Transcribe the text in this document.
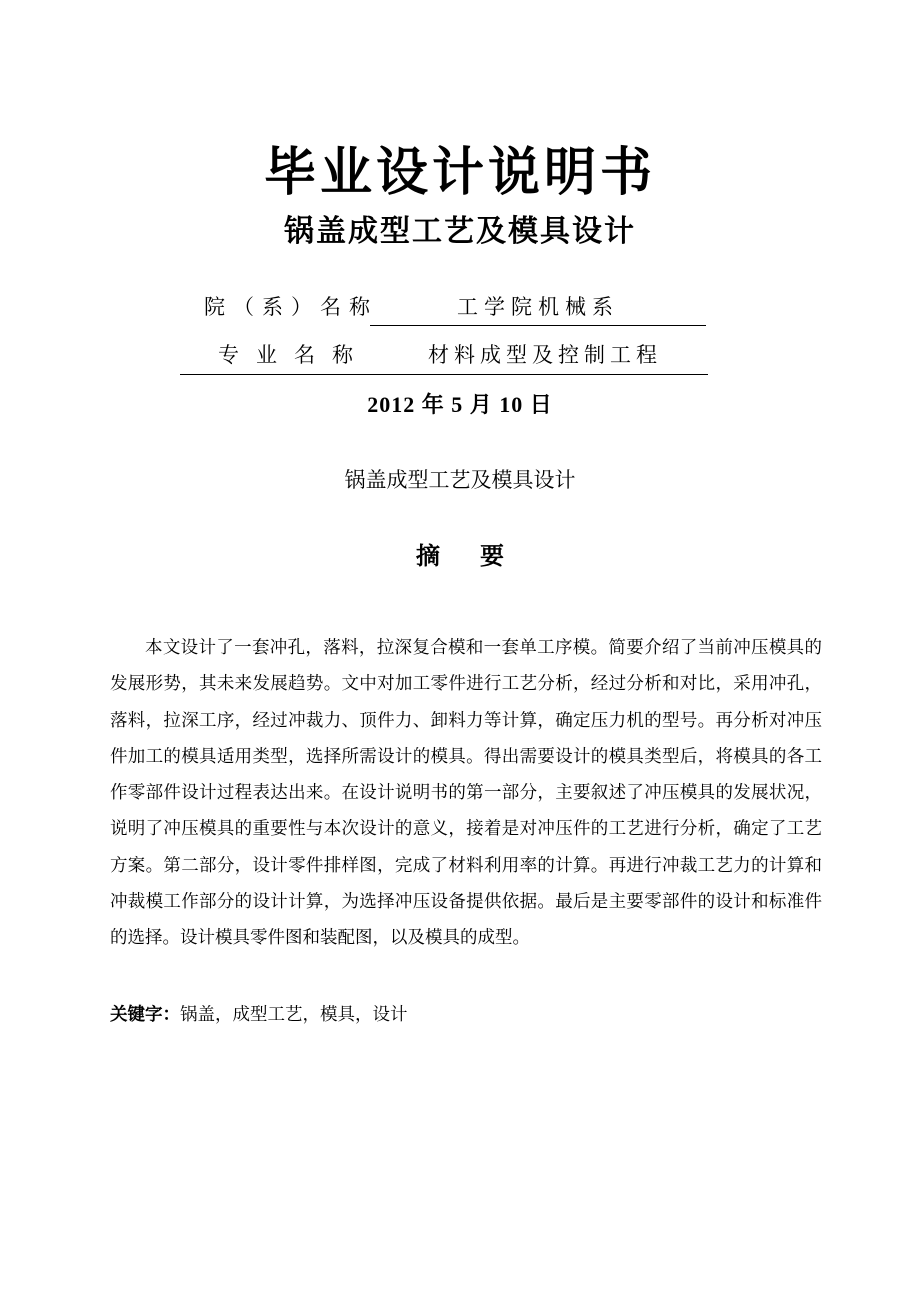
毕业设计说明书
锅盖成型工艺及模具设计
院（系）名称	工学院机械系
专业名称	材料成型及控制工程
2012 年 5 月 10 日
锅盖成型工艺及模具设计
摘要

本文设计了一套冲孔，落料，拉深复合模和一套单工序模。简要介绍了当前冲压模具的发展形势，其未来发展趋势。文中对加工零件进行工艺分析，经过分析和对比，采用冲孔，落料，拉深工序，经过冲裁力、顶件力、卸料力等计算，确定压力机的型号。再分析对冲压件加工的模具适用类型，选择所需设计的模具。得出需要设计的模具类型后，将模具的各工作零部件设计过程表达出来。在设计说明书的第一部分，主要叙述了冲压模具的发展状况，说明了冲压模具的重要性与本次设计的意义，接着是对冲压件的工艺进行分析，确定了工艺方案。第二部分，设计零件排样图，完成了材料利用率的计算。再进行冲裁工艺力的计算和冲裁模工作部分的设计计算，为选择冲压设备提供依据。最后是主要零部件的设计和标准件的选择。设计模具零件图和装配图，以及模具的成型。

关键字：锅盖，成型工艺，模具，设计
